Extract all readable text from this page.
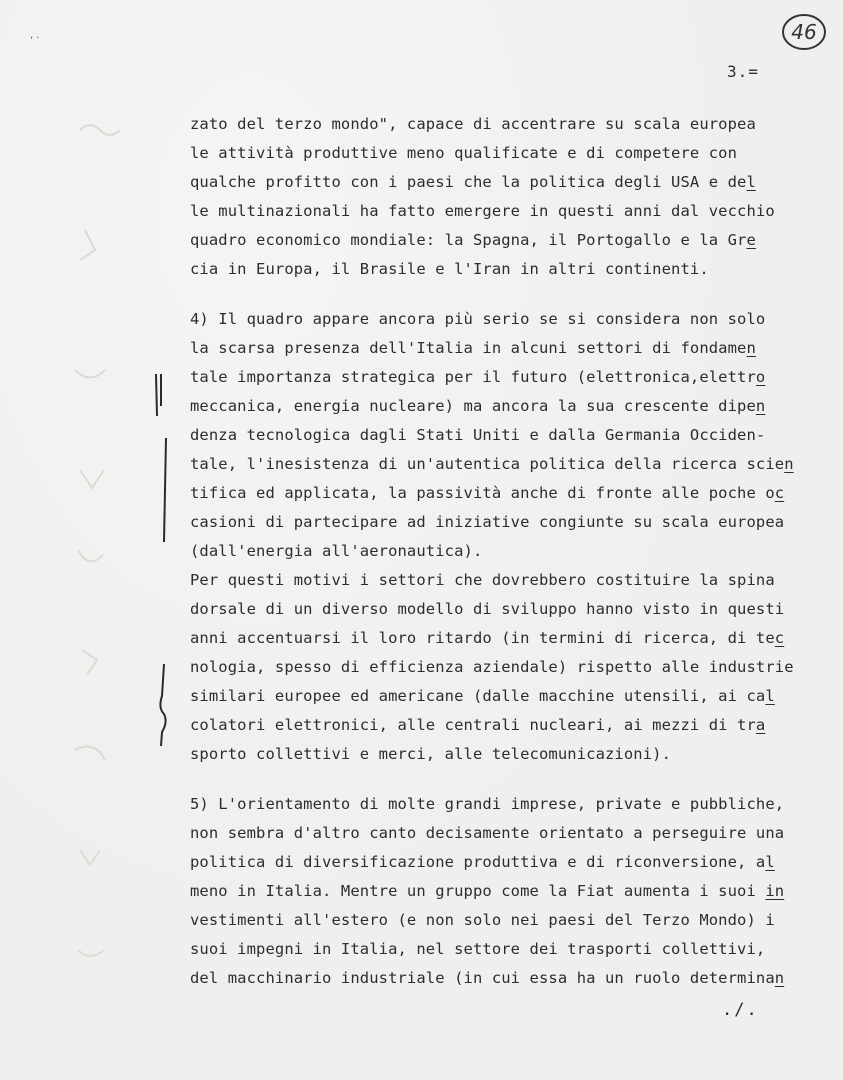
, .	46
3.=
zato del terzo mondo", capace di accentrare su scala europea
le attività produttive meno qualificate e di competere con
qualche profitto con i paesi che la politica degli USA e del
le multinazionali ha fatto emergere in questi anni dal vecchio
quadro economico mondiale: la Spagna, il Portogallo e la Gre
cia in Europa, il Brasile e l'Iran in altri continenti.
4) Il quadro appare ancora più serio se si considera non solo
la scarsa presenza dell'Italia in alcuni settori di fondamen
tale importanza strategica per il futuro (elettronica,elettro
meccanica, energia nucleare) ma ancora la sua crescente dipen
denza tecnologica dagli Stati Uniti e dalla Germania Occiden-
tale, l'inesistenza di un'autentica politica della ricerca scien
tifica ed applicata, la passività anche di fronte alle poche oc
casioni di partecipare ad iniziative congiunte su scala europea
(dall'energia all'aeronautica).
Per questi motivi i settori che dovrebbero costituire la spina
dorsale di un diverso modello di sviluppo hanno visto in questi
anni accentuarsi il loro ritardo (in termini di ricerca, di tec
nologia, spesso di efficienza aziendale) rispetto alle industrie
similari europee ed americane (dalle macchine utensili, ai cal
colatori elettronici, alle centrali nucleari, ai mezzi di tra
sporto collettivi e merci, alle telecomunicazioni).
5) L'orientamento di molte grandi imprese, private e pubbliche,
non sembra d'altro canto decisamente orientato a perseguire una
politica di diversificazione produttiva e di riconversione, al
meno in Italia. Mentre un gruppo come la Fiat aumenta i suoi in
vestimenti all'estero (e non solo nei paesi del Terzo Mondo) i
suoi impegni in Italia, nel settore dei trasporti collettivi,
del macchinario industriale (in cui essa ha un ruolo determinan
./.
